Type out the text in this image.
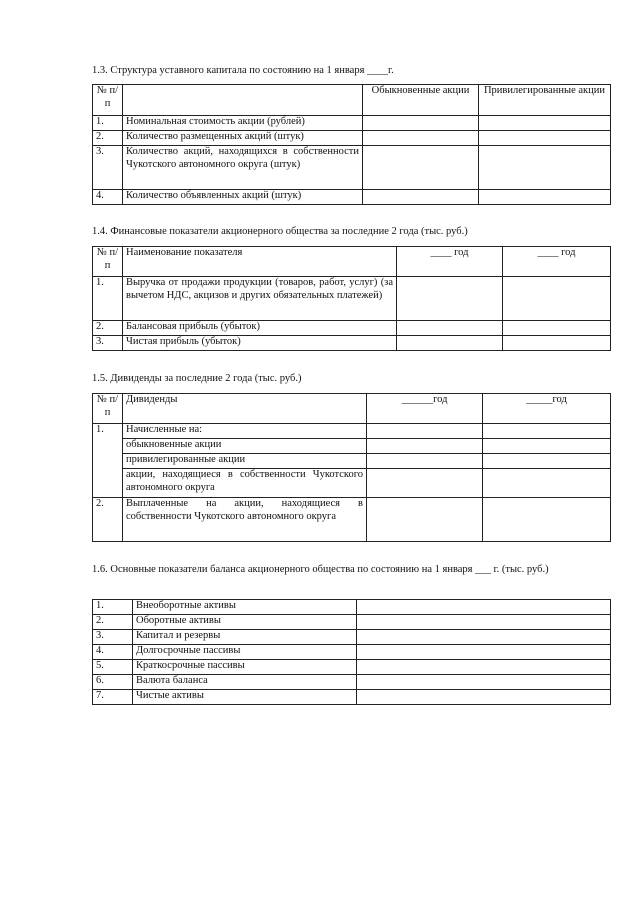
1.3. Структура уставного капитала по состоянию на 1 января ____г.

№ п/п		Обыкновенные акции	Привилегированные акции
1.	Номинальная стоимость акции (рублей)		
2.	Количество размещенных акций (штук)		
3.	Количество акций, находящихся в собственности Чукотского автономного округа (штук)		
4.	Количество объявленных акций (штук)		

1.4. Финансовые показатели акционерного общества за последние 2 года (тыс. руб.)

№ п/п	Наименование показателя	____ год	____ год
1.	Выручка от продажи продукции (товаров, работ, услуг) (за вычетом НДС, акцизов и других обязательных платежей)		
2.	Балансовая прибыль (убыток)		
3.	Чистая прибыль (убыток)		

1.5. Дивиденды за последние 2 года (тыс. руб.)

№ п/п	Дивиденды	______год	_____год
1.	Начисленные на:		
	обыкновенные акции		
	привилегированные акции		
	акции, находящиеся в собственности Чукотского автономного округа		
2.	Выплаченные на акции, находящиеся в собственности Чукотского автономного округа		

1.6. Основные показатели баланса акционерного общества по состоянию на 1 января ___ г. (тыс. руб.)

1.	Внеоборотные активы	
2.	Оборотные активы	
3.	Капитал и резервы	
4.	Долгосрочные пассивы	
5.	Краткосрочные пассивы	
6.	Валюта баланса	
7.	Чистые активы	
